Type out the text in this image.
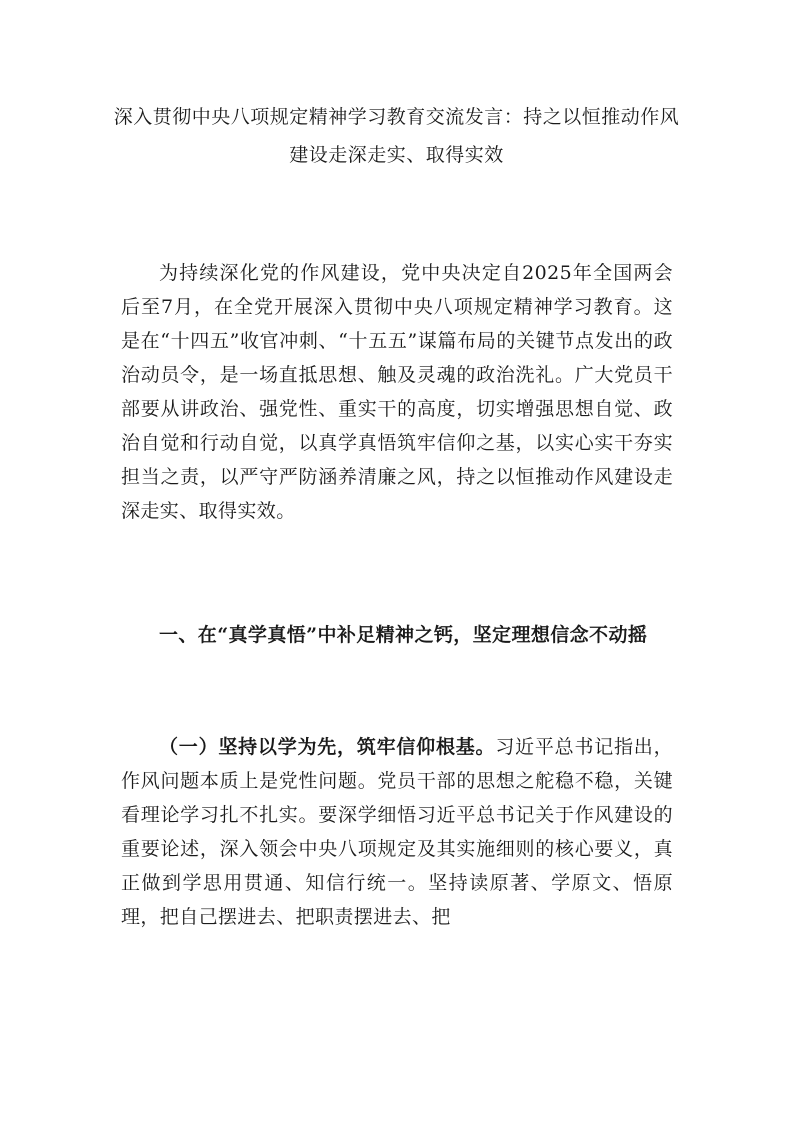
深入贯彻中央八项规定精神学习教育交流发言：持之以恒推动作风建设走深走实、取得实效

为持续深化党的作风建设，党中央决定自2025年全国两会后至7月，在全党开展深入贯彻中央八项规定精神学习教育。这是在“十四五”收官冲刺、“十五五”谋篇布局的关键节点发出的政治动员令，是一场直抵思想、触及灵魂的政治洗礼。广大党员干部要从讲政治、强党性、重实干的高度，切实增强思想自觉、政治自觉和行动自觉，以真学真悟筑牢信仰之基，以实心实干夯实担当之责，以严守严防涵养清廉之风，持之以恒推动作风建设走深走实、取得实效。

一、在“真学真悟”中补足精神之钙，坚定理想信念不动摇

（一）坚持以学为先，筑牢信仰根基。习近平总书记指出，作风问题本质上是党性问题。党员干部的思想之舵稳不稳，关键看理论学习扎不扎实。要深学细悟习近平总书记关于作风建设的重要论述，深入领会中央八项规定及其实施细则的核心要义，真正做到学思用贯通、知信行统一。坚持读原著、学原文、悟原理，把自己摆进去、把职责摆进去、把
